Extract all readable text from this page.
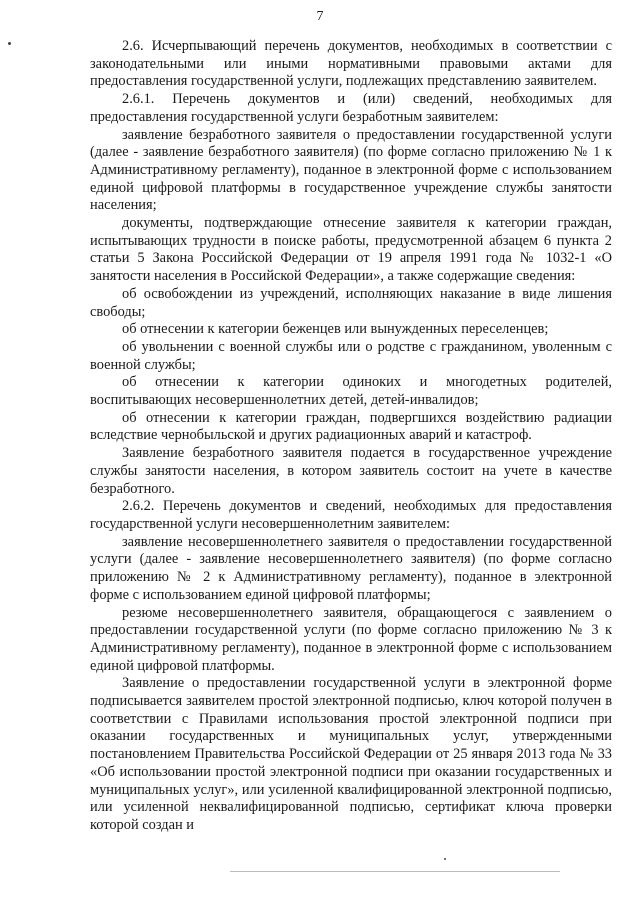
7

2.6. Исчерпывающий перечень документов, необходимых в соответствии с законодательными или иными нормативными правовыми актами для предоставления государственной услуги, подлежащих представлению заявителем.

2.6.1. Перечень документов и (или) сведений, необходимых для предоставления государственной услуги безработным заявителем:

заявление безработного заявителя о предоставлении государственной услуги (далее - заявление безработного заявителя) (по форме согласно приложению № 1 к Административному регламенту), поданное в электронной форме с использованием единой цифровой платформы в государственное учреждение службы занятости населения;

документы, подтверждающие отнесение заявителя к категории граждан, испытывающих трудности в поиске работы, предусмотренной абзацем 6 пункта 2 статьи 5 Закона Российской Федерации от 19 апреля 1991 года № 1032-1 «О занятости населения в Российской Федерации», а также содержащие сведения:

об освобождении из учреждений, исполняющих наказание в виде лишения свободы;

об отнесении к категории беженцев или вынужденных переселенцев;

об увольнении с военной службы или о родстве с гражданином, уволенным с военной службы;

об отнесении к категории одиноких и многодетных родителей, воспитывающих несовершеннолетних детей, детей-инвалидов;

об отнесении к категории граждан, подвергшихся воздействию радиации вследствие чернобыльской и других радиационных аварий и катастроф.

Заявление безработного заявителя подается в государственное учреждение службы занятости населения, в котором заявитель состоит на учете в качестве безработного.

2.6.2. Перечень документов и сведений, необходимых для предоставления государственной услуги несовершеннолетним заявителем:

заявление несовершеннолетнего заявителя о предоставлении государственной услуги (далее - заявление несовершеннолетнего заявителя) (по форме согласно приложению № 2 к Административному регламенту), поданное в электронной форме с использованием единой цифровой платформы;

резюме несовершеннолетнего заявителя, обращающегося с заявлением о предоставлении государственной услуги (по форме согласно приложению № 3 к Административному регламенту), поданное в электронной форме с использованием единой цифровой платформы.

Заявление о предоставлении государственной услуги в электронной форме подписывается заявителем простой электронной подписью, ключ которой получен в соответствии с Правилами использования простой электронной подписи при оказании государственных и муниципальных услуг, утвержденными постановлением Правительства Российской Федерации от 25 января 2013 года № 33 «Об использовании простой электронной подписи при оказании государственных и муниципальных услуг», или усиленной квалифицированной электронной подписью, или усиленной неквалифицированной подписью, сертификат ключа проверки которой создан и
